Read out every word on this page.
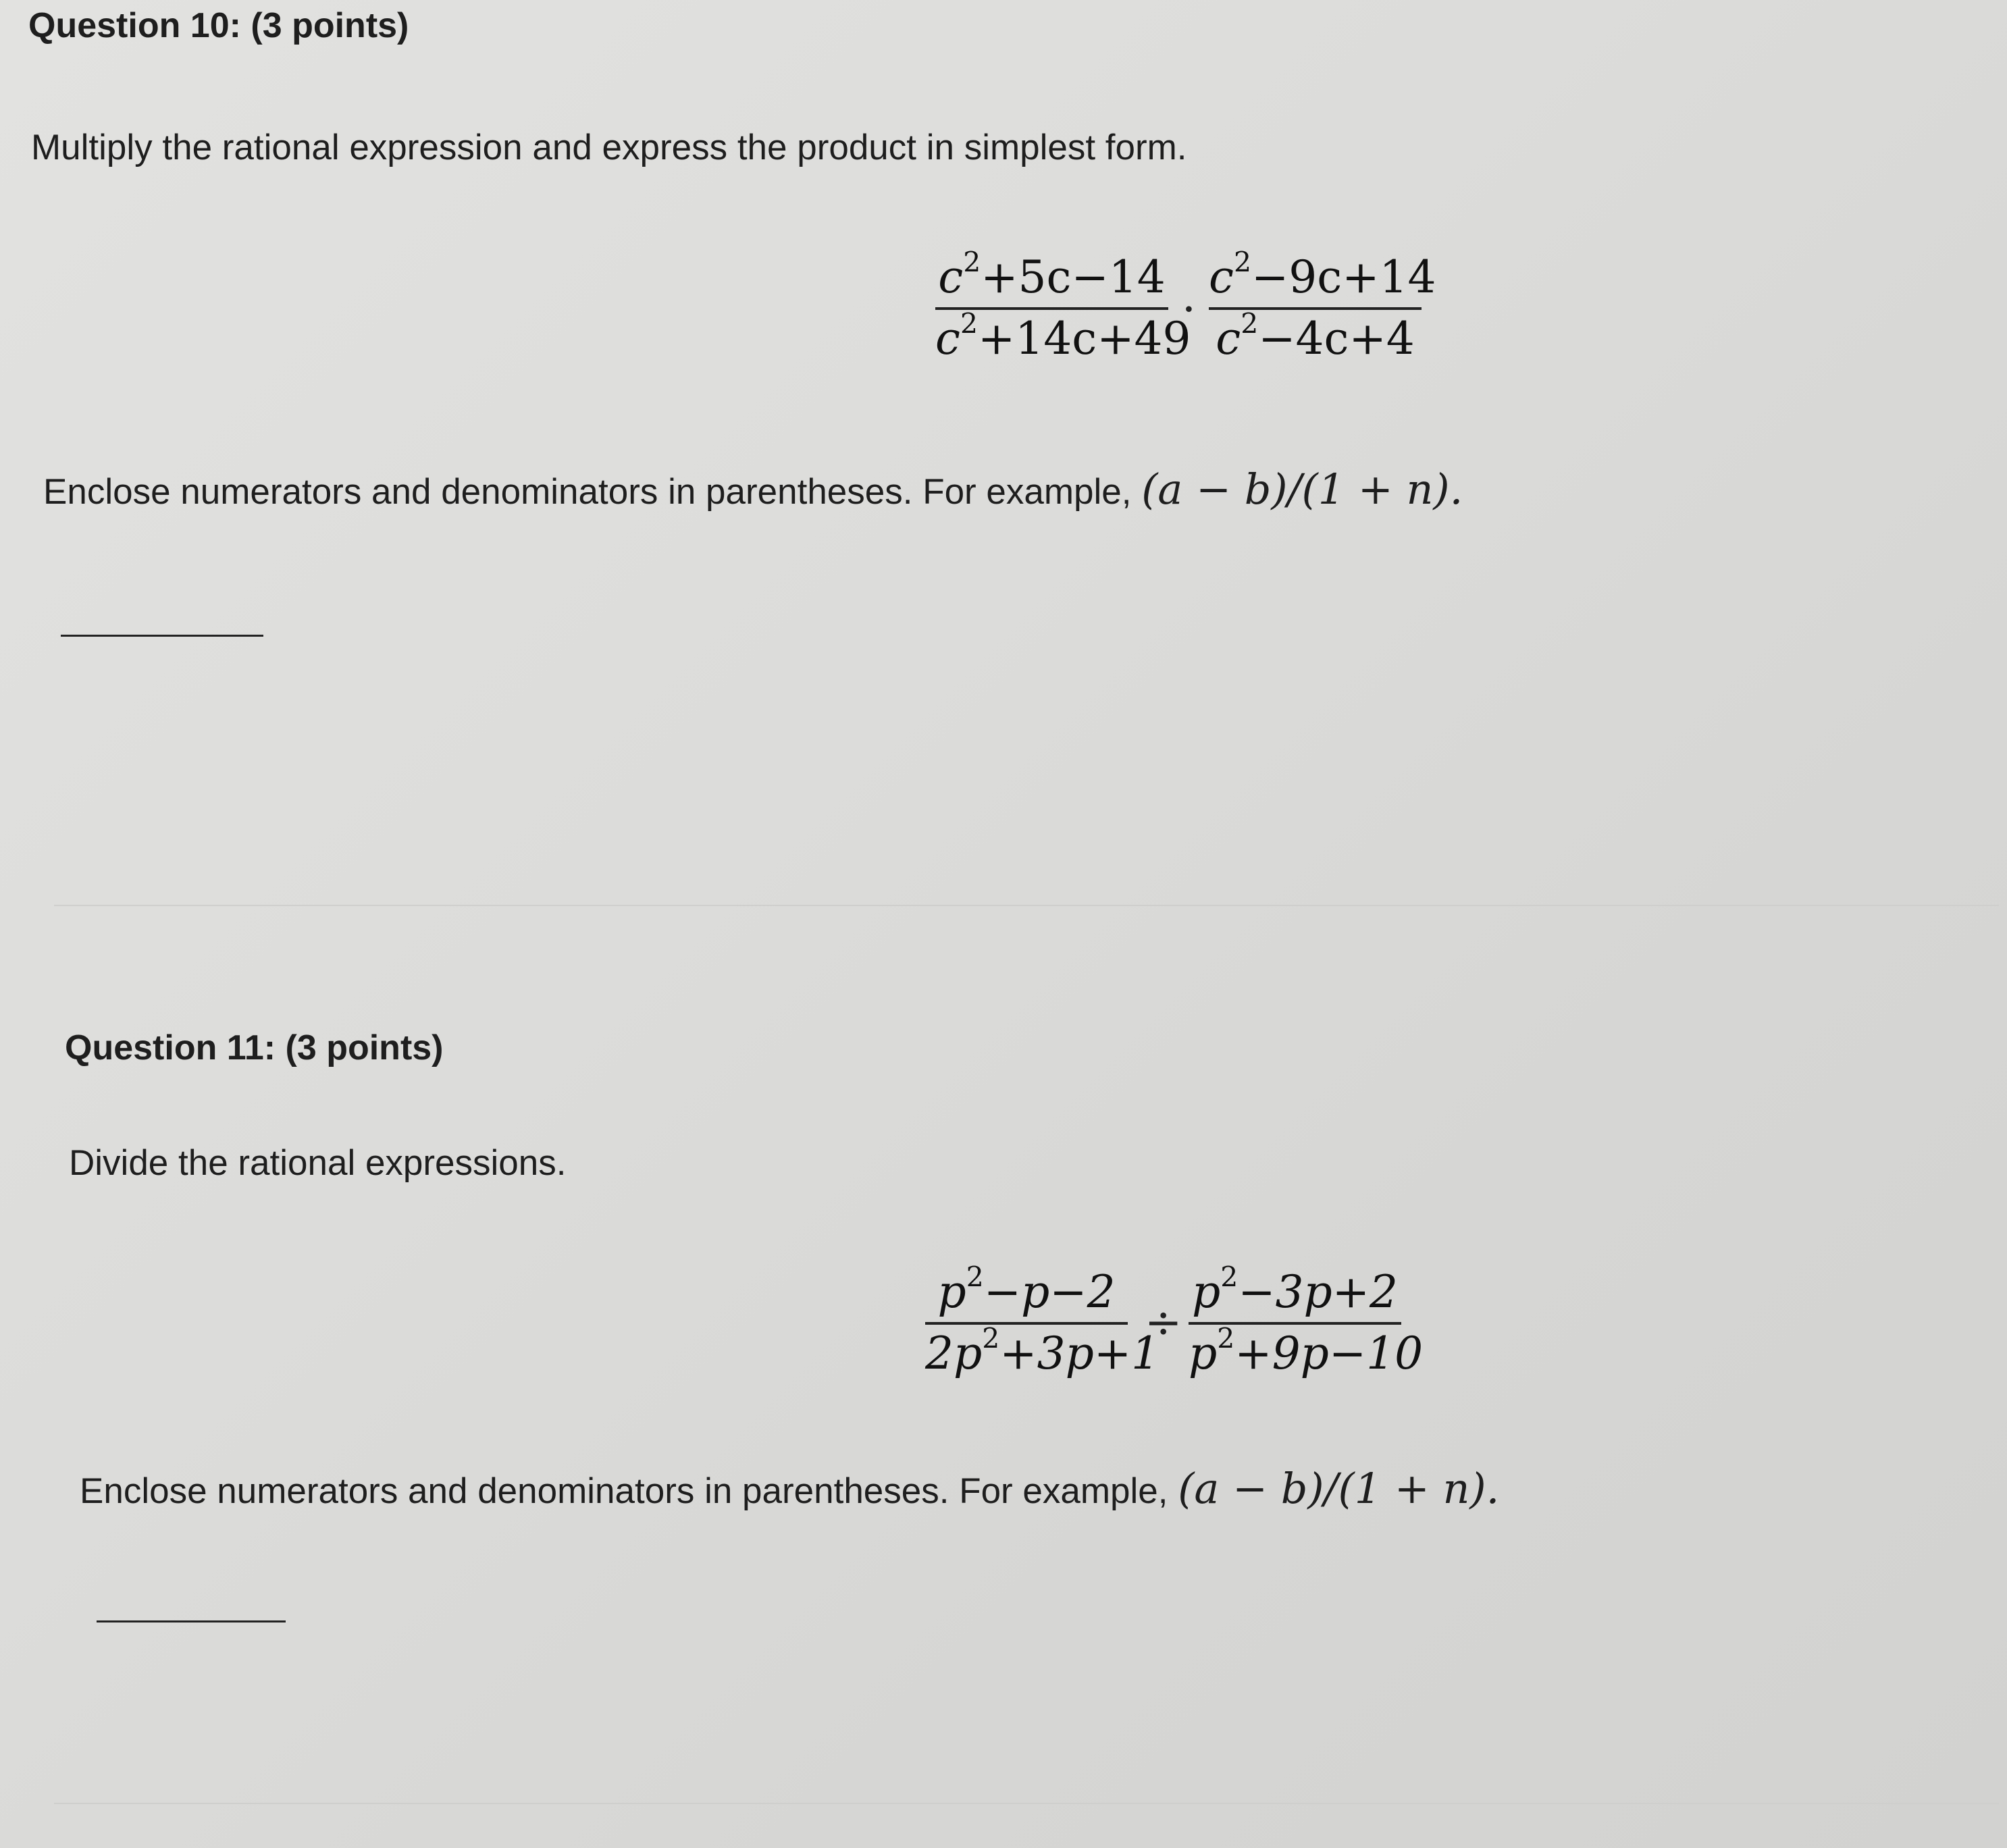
Question 10: (3 points)
Multiply the rational expression and express the product in simplest form.
$c^2+5c-14$
$c^2+14c+49$
·
$c^2-9c+14$
$c^2-4c+4$
Enclose numerators and denominators in parentheses. For example, (a − b)/(1 + n).
Question 11: (3 points)
Divide the rational expressions.
$p^2-p-2$
$2p^2+3p+1$
÷
$p^2-3p+2$
$p^2+9p-10$
Enclose numerators and denominators in parentheses. For example, (a − b)/(1 + n).
